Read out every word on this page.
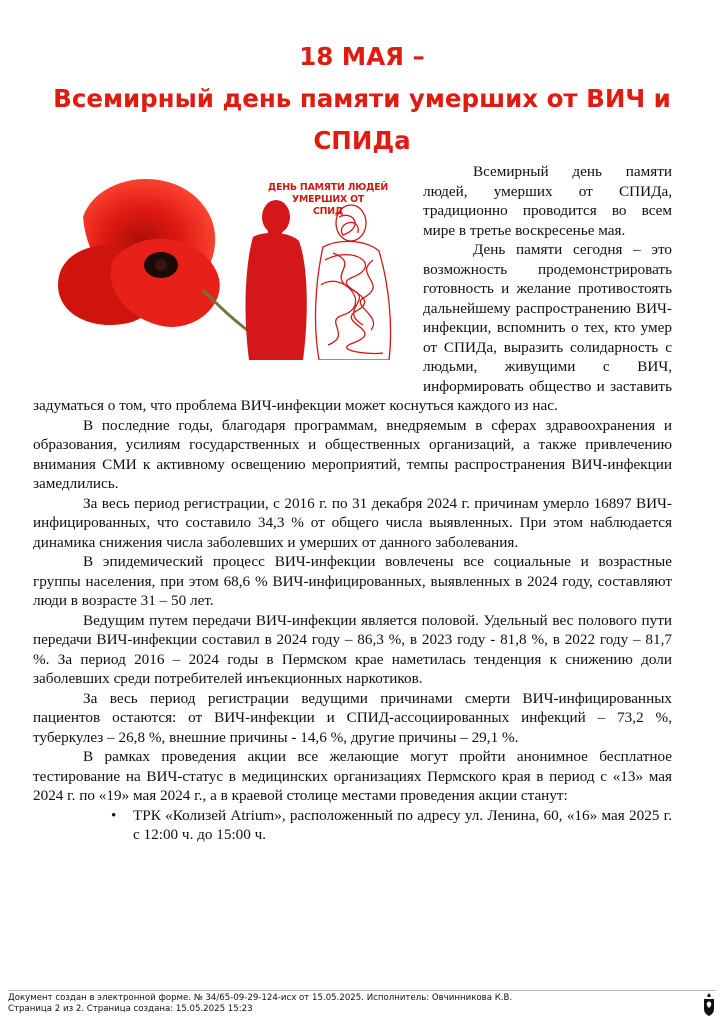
18 МАЯ –
Всемирный день памяти умерших от ВИЧ и
СПИДа
ДЕНЬ ПАМЯТИ ЛЮДЕЙ
УМЕРШИХ ОТ
СПИД

Всемирный день памяти людей, умерших от СПИДа, традиционно проводится во всем мире в третье воскресенье мая.

День памяти сегодня – это возможность продемонстрировать готовность и желание противостоять дальнейшему распространению ВИЧ-инфекции, вспомнить о тех, кто умер от СПИДа, выразить солидарность с людьми, живущими с ВИЧ, информировать общество и заставить задуматься о том, что проблема ВИЧ-инфекции может коснуться каждого из нас.

В последние годы, благодаря программам, внедряемым в сферах здравоохранения и образования, усилиям государственных и общественных организаций, а также привлечению внимания СМИ к активному освещению мероприятий, темпы распространения ВИЧ-инфекции замедлились.

За весь период регистрации, с 2016 г. по 31 декабря 2024 г. причинам умерло 16897 ВИЧ-инфицированных, что составило 34,3 % от общего числа выявленных. При этом наблюдается динамика снижения числа заболевших и умерших от данного заболевания.

В эпидемический процесс ВИЧ-инфекции вовлечены все социальные и возрастные группы населения, при этом 68,6 % ВИЧ-инфицированных, выявленных в 2024 году, составляют люди в возрасте 31 – 50 лет.

Ведущим путем передачи ВИЧ-инфекции является половой. Удельный вес полового пути передачи ВИЧ-инфекции составил в 2024 году – 86,3 %, в 2023 году - 81,8 %, в 2022 году – 81,7 %. За период 2016 – 2024 годы в Пермском крае наметилась тенденция к снижению доли заболевших среди потребителей инъекционных наркотиков.

За весь период регистрации ведущими причинами смерти ВИЧ-инфицированных пациентов остаются: от ВИЧ-инфекции и СПИД-ассоциированных инфекций – 73,2 %, туберкулез – 26,8 %, внешние причины - 14,6 %, другие причины – 29,1 %.

В рамках проведения акции все желающие могут пройти анонимное бесплатное тестирование на ВИЧ-статус в медицинских организациях Пермского края в период с «13» мая 2024 г. по «19» мая 2024 г., а в краевой столице местами проведения акции станут:

• ТРК «Колизей Atrium», расположенный по адресу ул. Ленина, 60, «16» мая 2025 г. с 12:00 ч. до 15:00 ч.
Документ создан в электронной форме. № 34/65-09-29-124-исх от 15.05.2025. Исполнитель: Овчинникова К.В.
Страница 2 из 2. Страница создана: 15.05.2025 15:23
